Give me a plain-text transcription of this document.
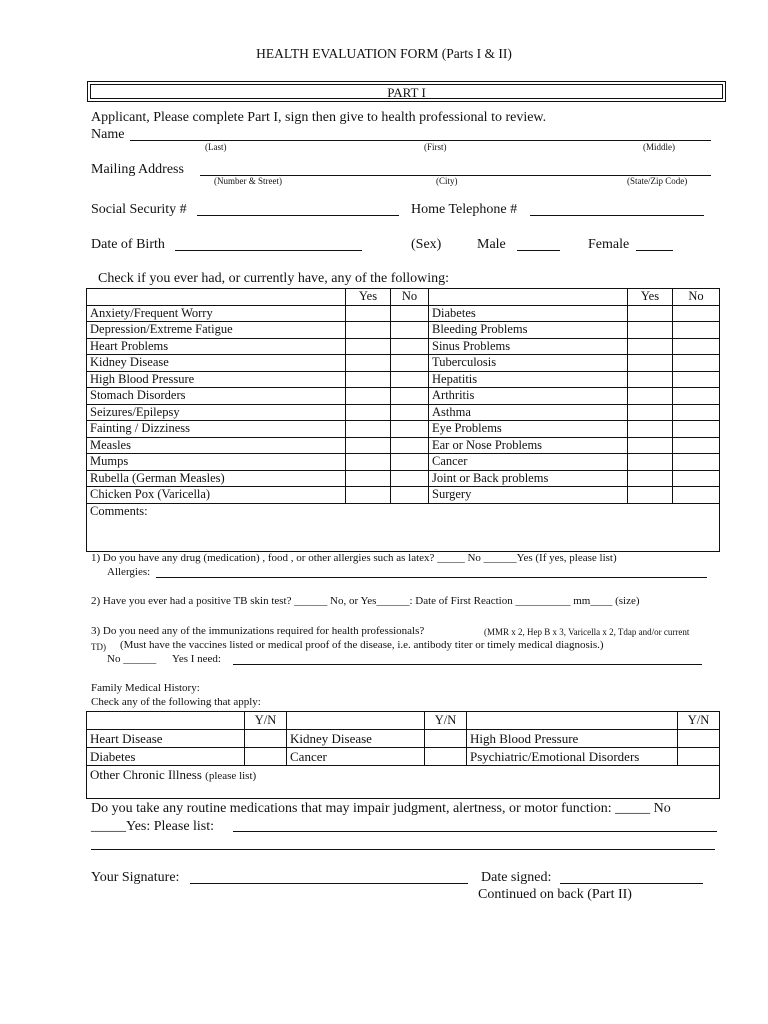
HEALTH EVALUATION FORM (Parts I & II)
PART I
Applicant, Please complete Part I, sign then give to health professional to review.
Name
(Last)	(First)	(Middle)
Mailing Address
(Number & Street)	(City)	(State/Zip Code)
Social Security #	Home Telephone #
Date of Birth	(Sex)	Male	Female
Check if you ever had, or currently have, any of the following:
	Yes	No		Yes	No
Anxiety/Frequent Worry			Diabetes		
Depression/Extreme Fatigue			Bleeding Problems		
Heart Problems			Sinus Problems		
Kidney Disease			Tuberculosis		
High Blood Pressure			Hepatitis		
Stomach Disorders			Arthritis		
Seizures/Epilepsy			Asthma		
Fainting / Dizziness			Eye Problems		
Measles			Ear or Nose Problems		
Mumps			Cancer		
Rubella (German Measles)			Joint or Back problems		
Chicken Pox (Varicella)			Surgery		
Comments:					
1) Do you have any drug (medication) , food , or other allergies such as latex? _____ No ______Yes (If yes, please list)
Allergies:
2) Have you ever had a positive TB skin test? ______ No, or Yes______: Date of First Reaction __________ mm____ (size)
3) Do you need any of the immunizations required for health professionals?	(MMR x 2, Hep B x 3, Varicella x 2, Tdap and/or current
TD) (Must have the vaccines listed or medical proof of the disease, i.e. antibody titer or timely medical diagnosis.)
No ______ Yes I need:
Family Medical History:
Check any of the following that apply:
	Y/N		Y/N		Y/N
Heart Disease		Kidney Disease		High Blood Pressure	
Diabetes		Cancer		Psychiatric/Emotional Disorders	
Other Chronic Illness (please list)					
Do you take any routine medications that may impair judgment, alertness, or motor function: _____ No
_____Yes: Please list:
Your Signature:	Date signed:
Continued on back (Part II)
